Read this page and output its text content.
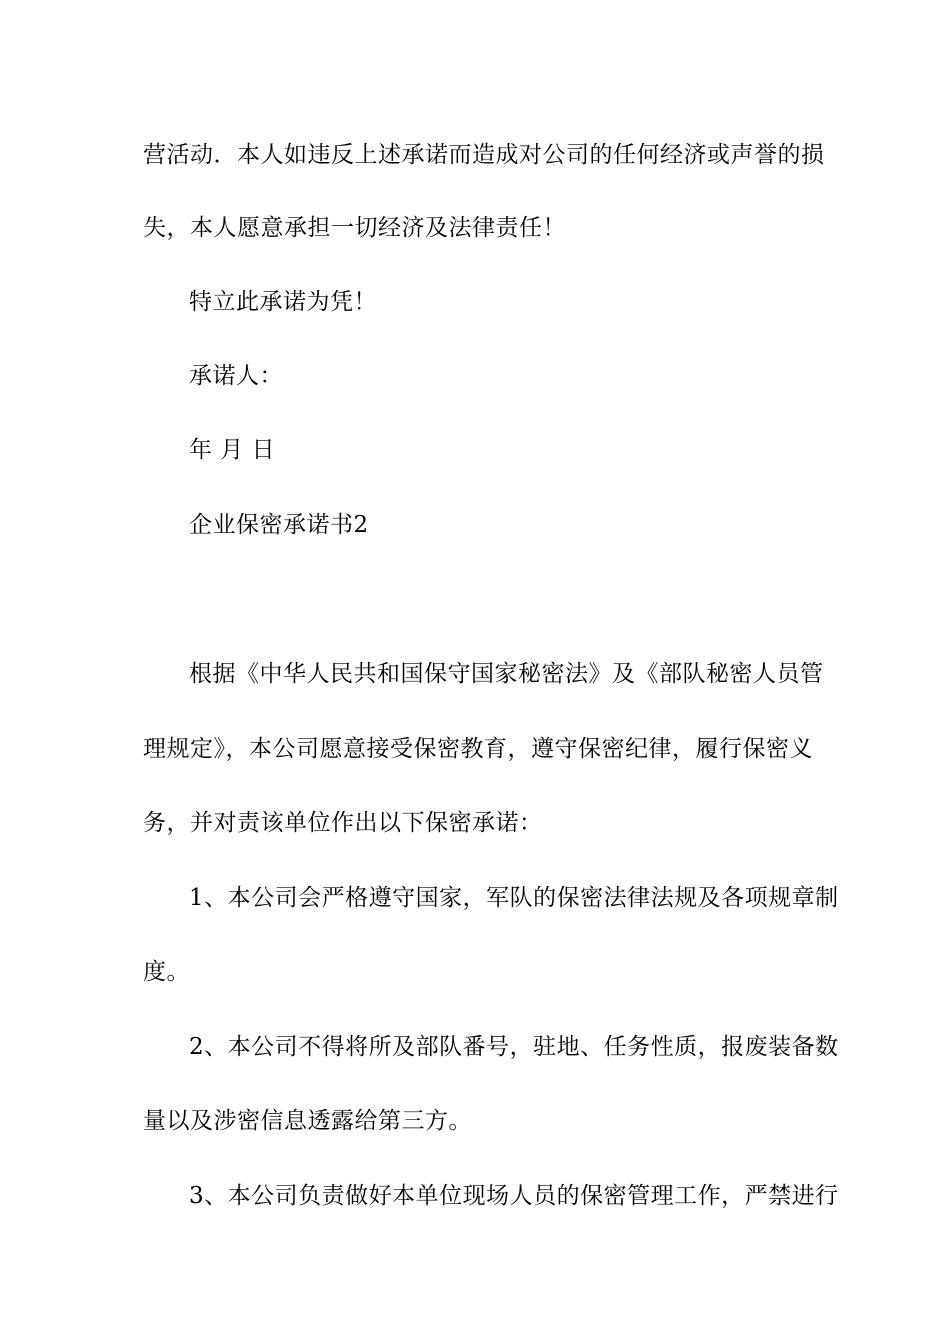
营活动．本人如违反上述承诺而造成对公司的任何经济或声誉的损
失，本人愿意承担一切经济及法律责任！
特立此承诺为凭！
承诺人：
年 月 日
企业保密承诺书2
根据《中华人民共和国保守国家秘密法》及《部队秘密人员管
理规定》，本公司愿意接受保密教育，遵守保密纪律，履行保密义
务，并对责该单位作出以下保密承诺：
1、本公司会严格遵守国家，军队的保密法律法规及各项规章制
度。
2、本公司不得将所及部队番号，驻地、任务性质，报废装备数
量以及涉密信息透露给第三方。
3、本公司负责做好本单位现场人员的保密管理工作，严禁进行
